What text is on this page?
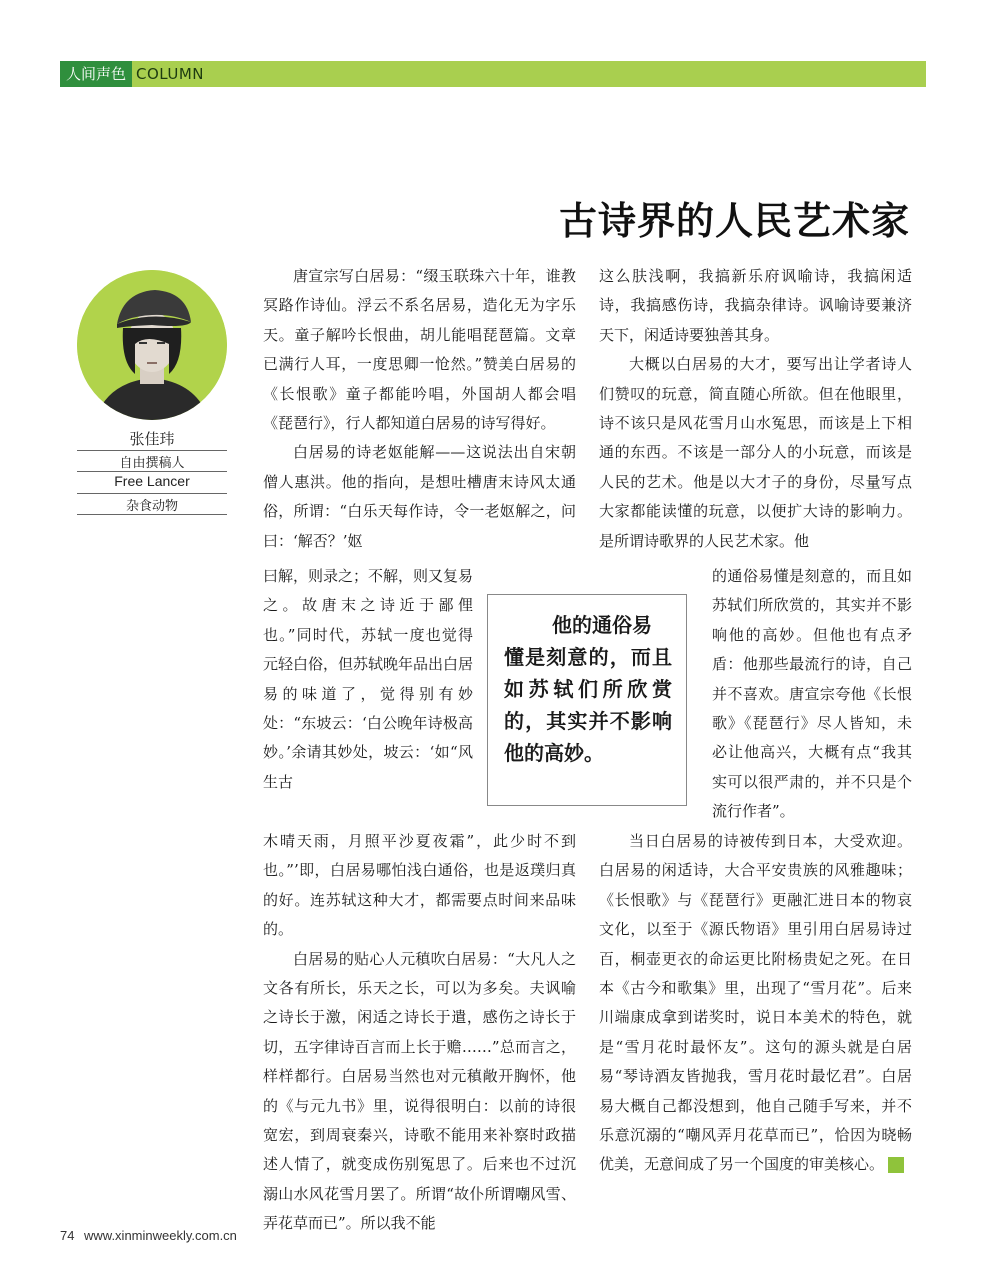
人间声色 COLUMN
古诗界的人民艺术家
张佳玮
自由撰稿人
Free Lancer
杂食动物

唐宣宗写白居易：“缀玉联珠六十年，谁教冥路作诗仙。浮云不系名居易，造化无为字乐天。童子解吟长恨曲，胡儿能唱琵琶篇。文章已满行人耳，一度思卿一怆然。”赞美白居易的《长恨歌》童子都能吟唱，外国胡人都会唱《琵琶行》，行人都知道白居易的诗写得好。

白居易的诗老妪能解——这说法出自宋朝僧人惠洪。他的指向，是想吐槽唐末诗风太通俗，所谓：“白乐天每作诗，令一老妪解之，问曰：‘解否？’妪

这么肤浅啊，我搞新乐府讽喻诗，我搞闲适诗，我搞感伤诗，我搞杂律诗。讽喻诗要兼济天下，闲适诗要独善其身。

大概以白居易的大才，要写出让学者诗人们赞叹的玩意，简直随心所欲。但在他眼里，诗不该只是风花雪月山水冤思，而该是上下相通的东西。不该是一部分人的小玩意，而该是人民的艺术。他是以大才子的身份，尽量写点大家都能读懂的玩意，以便扩大诗的影响力。是所谓诗歌界的人民艺术家。他

曰解，则录之；不解，则又复易之。故唐末之诗近于鄙俚也。”同时代，苏轼一度也觉得元轻白俗，但苏轼晚年品出白居易的味道了，觉得别有妙处：“东坡云：‘白公晚年诗极高妙。’余请其妙处，坡云：‘如“风生古
的通俗易懂是刻意的，而且如苏轼们所欣赏的，其实并不影响他的高妙。但他也有点矛盾：他那些最流行的诗，自己并不喜欢。唐宣宗夸他《长恨歌》《琵琶行》尽人皆知，未必让他高兴，大概有点“我其实可以很严肃的，并不只是个流行作者”。
他的通俗易
懂是刻意的，而且如苏轼们所欣赏的，其实并不影响他的高妙。

木晴天雨，月照平沙夏夜霜”，此少时不到也。”’即，白居易哪怕浅白通俗，也是返璞归真的好。连苏轼这种大才，都需要点时间来品味的。

白居易的贴心人元稹吹白居易：“大凡人之文各有所长，乐天之长，可以为多矣。夫讽喻之诗长于激，闲适之诗长于遣，感伤之诗长于切，五字律诗百言而上长于赡……”总而言之，样样都行。白居易当然也对元稹敞开胸怀，他的《与元九书》里，说得很明白：以前的诗很宽宏，到周衰秦兴，诗歌不能用来补察时政描述人情了，就变成伤别冤思了。后来也不过沉溺山水风花雪月罢了。所谓“故仆所谓嘲风雪、弄花草而已”。所以我不能

当日白居易的诗被传到日本，大受欢迎。白居易的闲适诗，大合平安贵族的风雅趣味；《长恨歌》与《琵琶行》更融汇进日本的物哀文化，以至于《源氏物语》里引用白居易诗过百，桐壶更衣的命运更比附杨贵妃之死。在日本《古今和歌集》里，出现了“雪月花”。后来川端康成拿到诺奖时，说日本美术的特色，就是“雪月花时最怀友”。这句的源头就是白居易“琴诗酒友皆抛我，雪月花时最忆君”。白居易大概自己都没想到，他自己随手写来，并不乐意沉溺的“嘲风弄月花草而已”，恰因为晓畅优美，无意间成了另一个国度的审美核心。	民

74 www.xinminweekly.com.cn
